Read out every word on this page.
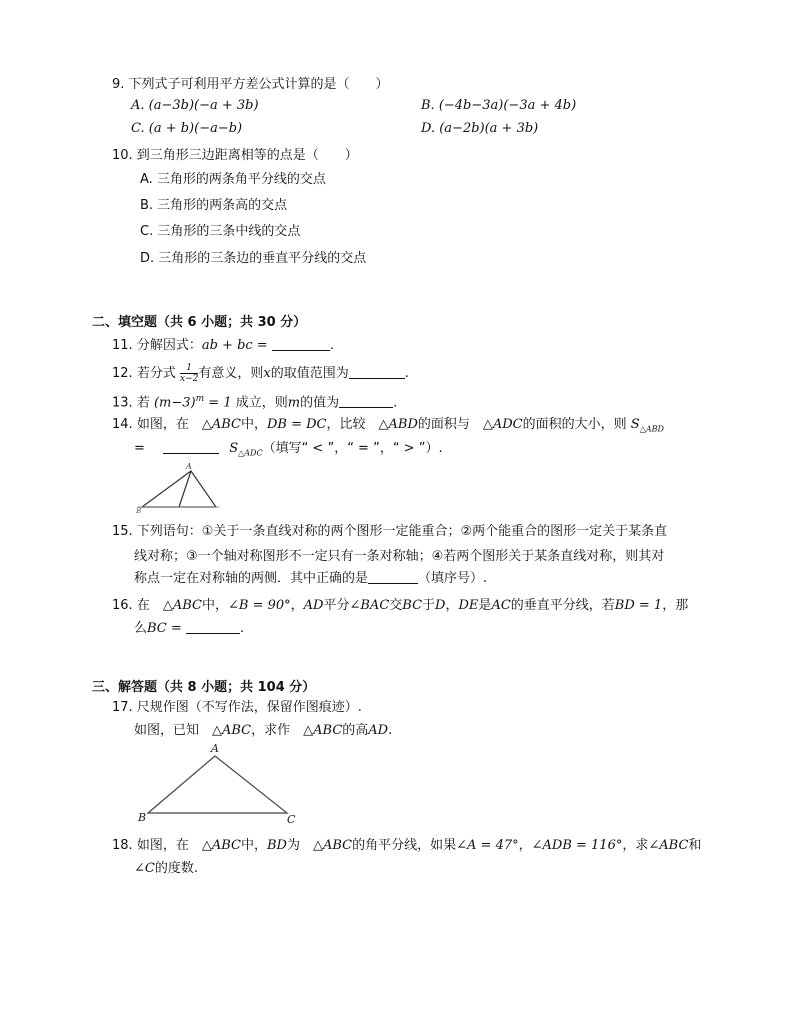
9. 下列式子可利用平方差公式计算的是（　　）
A. (a−3b)(−a + 3b)	B. (−4b−3a)(−3a + 4b)
C. (a + b)(−a−b)	D. (a−2b)(a + 3b)
10. 到三角形三边距离相等的点是（　　）
A. 三角形的两条角平分线的交点
B. 三角形的两条高的交点
C. 三角形的三条中线的交点
D. 三角形的三条边的垂直平分线的交点
二、填空题（共 6 小题；共 30 分）
11. 分解因式：ab + bc =	.
12. 若分式 $\frac{1}{x-2}$ 有意义，则x的取值范围为	.
13. 若 $(m-3)^m = 1$ 成立，则m的值为	.
14. 如图，在　△ABC中，DB = DC，比较　△ABD的面积与　△ADC的面积的大小，则 $S_{\triangle ABD}$
=	$S_{\triangle ADC}$（填写“ < ”，“ = ”，“ > ”）.
A
B
15. 下列语句：①关于一条直线对称的两个图形一定能重合；②两个能重合的图形一定关于某条直
线对称；③一个轴对称图形不一定只有一条对称轴；④若两个图形关于某条直线对称，则其对
称点一定在对称轴的两侧．其中正确的是	（填序号）.
16. 在　△ABC中，∠B = 90°，AD平分∠BAC交BC于D，DE是AC的垂直平分线，若BD = 1，那
么BC =	.
三、解答题（共 8 小题；共 104 分）
17. 尺规作图（不写作法，保留作图痕迹）.
如图，已知　△ABC，求作　△ABC的高AD.
A
B	C
18. 如图，在　△ABC中，BD为　△ABC的角平分线，如果∠A = 47°，∠ADB = 116°，求∠ABC和
∠C的度数.
